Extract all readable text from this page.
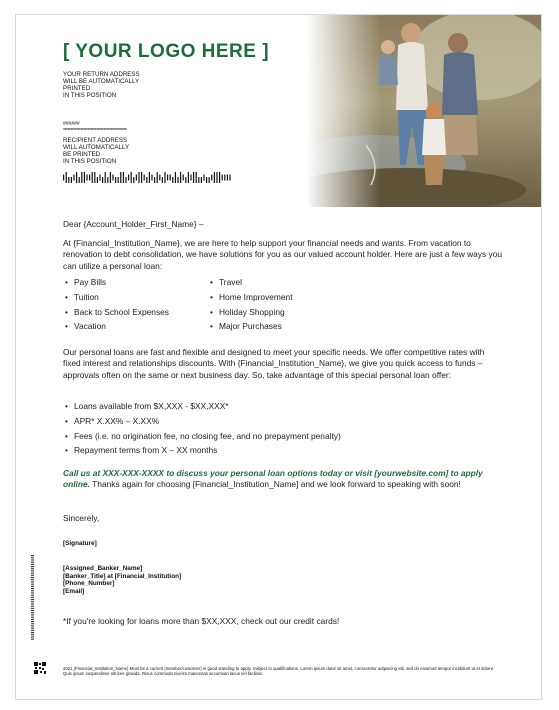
[ YOUR LOGO HERE ]
YOUR RETURN ADDRESS
WILL BE AUTOMATICALLY
PRINTED
IN THIS POSITION
######
********************************************
RECIPIENT ADDRESS
WILL AUTOMATICALLY
BE PRINTED
IN THIS POSITION
Dear {Account_Holder_First_Name} –
At {Financial_Institution_Name}, we are here to help support your financial needs and wants. From vacation to renovation to debt consolidation, we have solutions for you as our valued account holder. Here are just a few ways you can utilize a personal loan:
• Pay Bills	• Travel
• Tuition	• Home Improvement
• Back to School Expenses	• Holiday Shopping
• Vacation	• Major Purchases
Our personal loans are fast and flexible and designed to meet your specific needs. We offer competitive rates with fixed interest and relationships discounts. With {Financial_Institution_Name}, we give you quick access to funds – approvals often on the same or next business day. So, take advantage of this special personal loan offer:
• Loans available from $X,XXX - $XX,XXX*
• APR* X.XX% – X.XX%
• Fees (i.e. no origination fee, no closing fee, and no prepayment penalty)
• Repayment terms from X – XX months
Call us at XXX-XXX-XXXX to discuss your personal loan options today or visit [yourwebsite.com] to apply online. Thanks again for choosing [Financial_Institution_Name] and we look forward to speaking with soon!
Sincerely,
[Signature]
[Assigned_Banker_Name]
[Banker_Title] at [Financial_Institution]
[Phone_Number]
[Email]
*If you're looking for loans more than $XX,XXX, check out our credit cards!
2021 {Financial_Institution_Name} Must be a current {member/customer} in good standing to apply. Subject to qualifications. Lorem ipsum dolor sit amet, consectetur adipiscing elit, sed do eiusmod tempor incididunt ut et dolore. Quis ipsum suspendisse ultrices gravida. Risus commodo viverra maecenas accumsan lacus vel facilisis.
